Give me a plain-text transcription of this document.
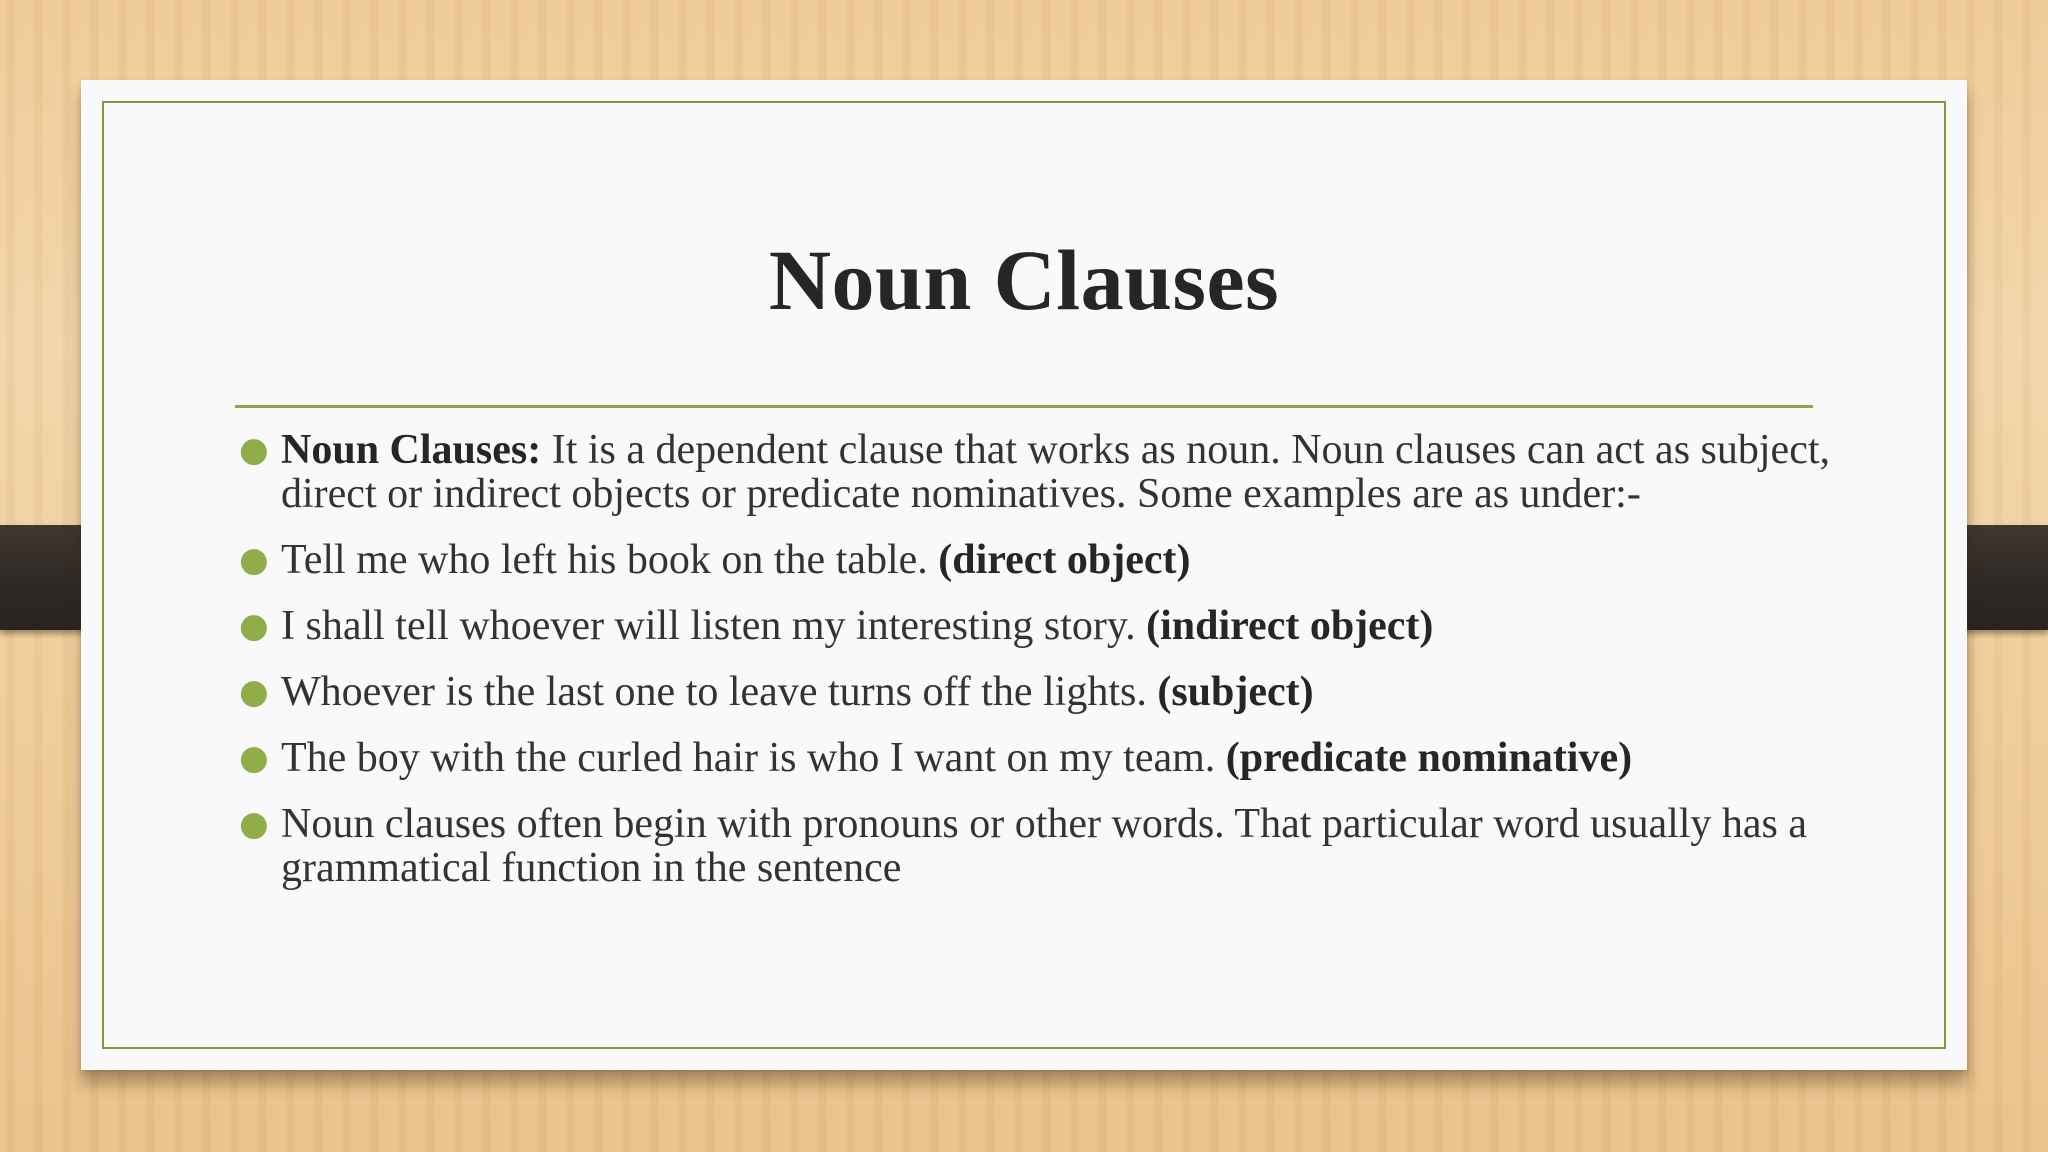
Noun Clauses
● Noun Clauses: It is a dependent clause that works as noun. Noun clauses can act as subject, direct or indirect objects or predicate nominatives. Some examples are as under:-
● Tell me who left his book on the table. (direct object)
● I shall tell whoever will listen my interesting story. (indirect object)
● Whoever is the last one to leave turns off the lights. (subject)
● The boy with the curled hair is who I want on my team. (predicate nominative)
● Noun clauses often begin with pronouns or other words. That particular word usually has a grammatical function in the sentence
